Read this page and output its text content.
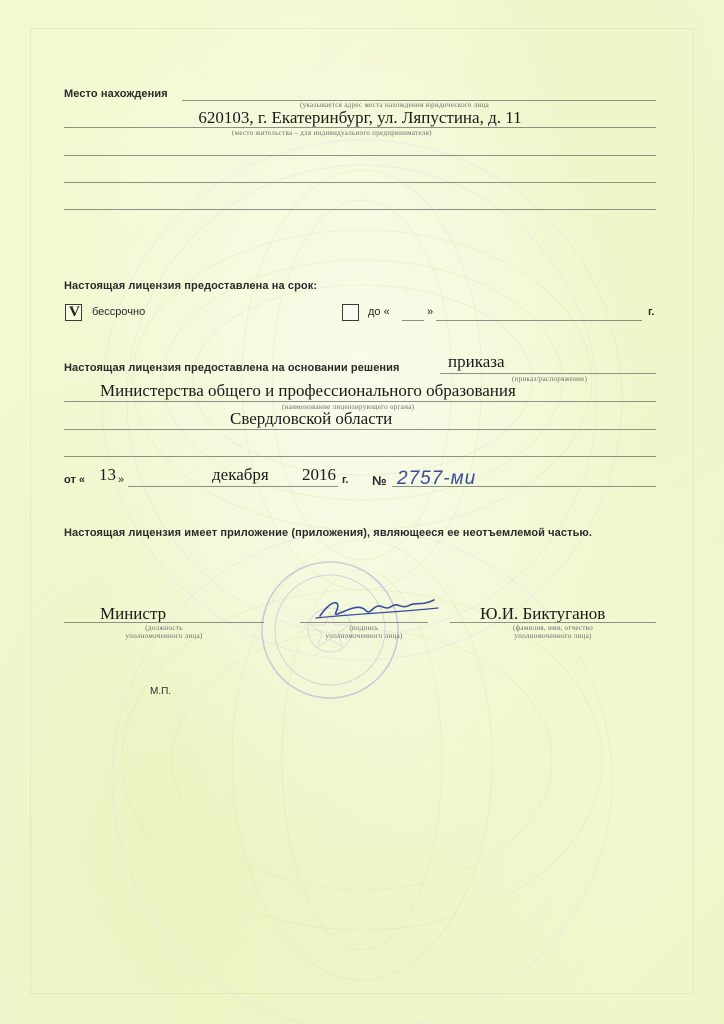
Место нахождения
(указывается адрес места нахождения юридического лица
620103, г. Екатеринбург, ул. Ляпустина, д. 11
(место жительства – для индивидуального предпринимателя)
Настоящая лицензия предоставлена на срок:
V бессрочно	до «	»	г.
Настоящая лицензия предоставлена на основании решения	приказа
(приказ/распоряжение)
Министерства общего и профессионального образования
(наименование лицензирующего органа)
Свердловской области
от « 13 »	декабря 2016 г. № 2757-ми
Настоящая лицензия имеет приложение (приложения), являющееся ее неотъемлемой частью.
Министр
(должность
уполномоченного лица)
(подпись
уполномоченного лица)
Ю.И. Биктуганов
(фамилия, имя, отчество
уполномоченного лица)
М.П.
